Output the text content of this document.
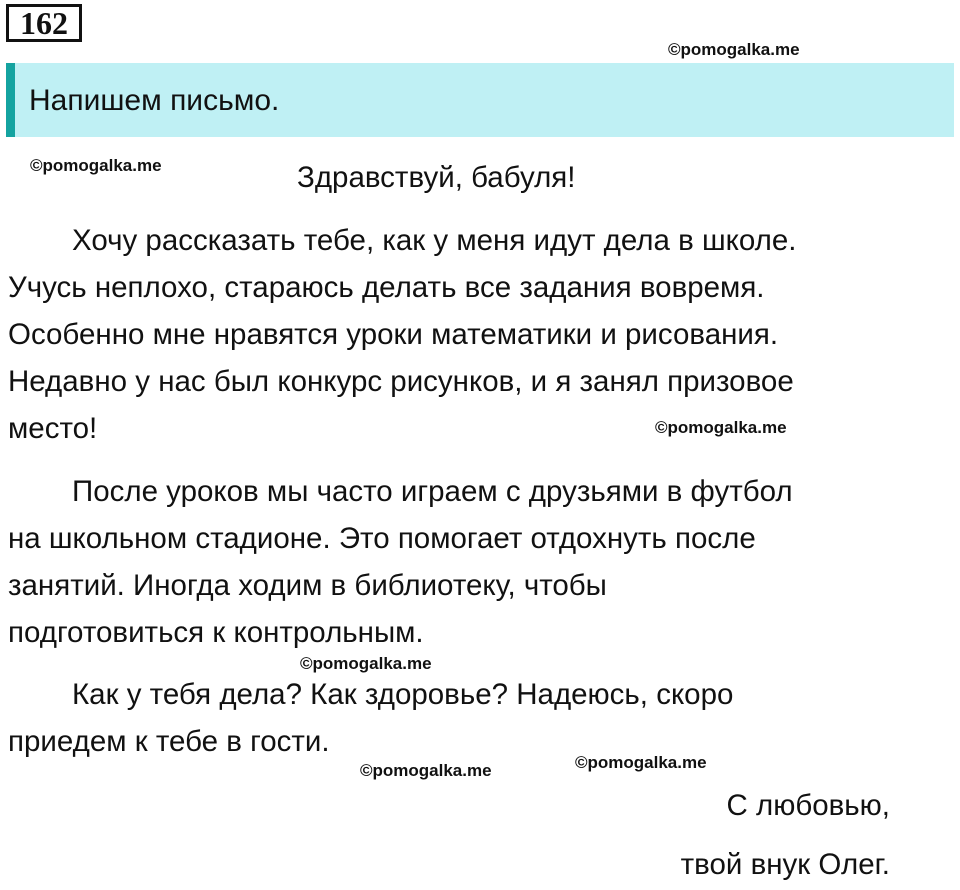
162
©pomogalka.me
Напишем письмо.
©pomogalka.me	Здравствуй, бабуля!
Хочу рассказать тебе, как у меня идут дела в школе.
Учусь неплохо, стараюсь делать все задания вовремя.
Особенно мне нравятся уроки математики и рисования.
Недавно у нас был конкурс рисунков, и я занял призовое
место!	©pomogalka.me
После уроков мы часто играем с друзьями в футбол
на школьном стадионе. Это помогает отдохнуть после
занятий. Иногда ходим в библиотеку, чтобы
подготовиться к контрольным.
©pomogalka.me
Как у тебя дела? Как здоровье? Надеюсь, скоро
приедем к тебе в гости.
©pomogalka.me
©pomogalka.me
С любовью,
твой внук Олег.
